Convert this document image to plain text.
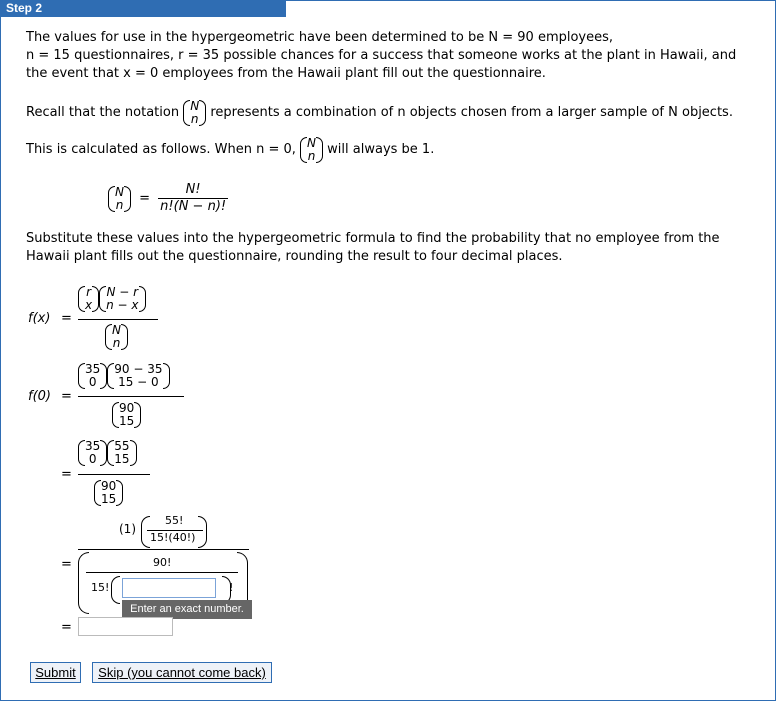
Step 2
The values for use in the hypergeometric have been determined to be N = 90 employees,
n = 15 questionnaires, r = 35 possible chances for a success that someone works at the plant in Hawaii, and
the event that x = 0 employees from the Hawaii plant fill out the questionnaire.
Recall that the notation N
n represents a combination of n objects chosen from a larger sample of N objects.
This is calculated as follows. When n = 0, N
n will always be 1.
N
$n = \frac{N!}{n!(N - n)!}$
Substitute these values into the hypergeometric formula to find the probability that no employee from the
Hawaii plant fills out the questionnaire, rounding the result to four decimal places.
f(x) =
r
x
N − r
n − x
N
n
f(0) =
35
0
90 − 35
15 − 0
90
15
=
35
0
55
15
90
15
=
(1)
55!
15!(40!)
90!
15!	!
Enter an exact number.
=
Submit	Skip (you cannot come back)
